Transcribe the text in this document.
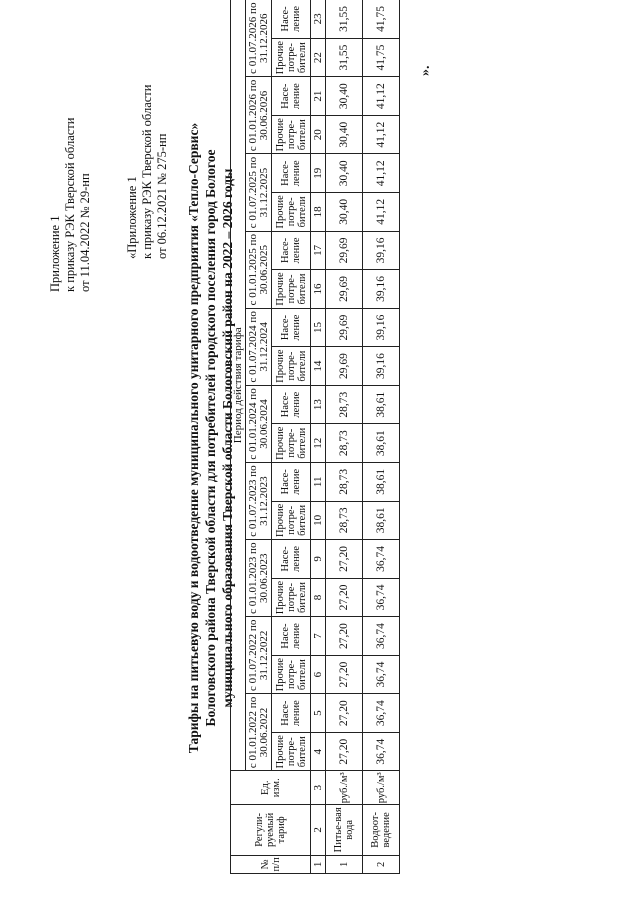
Приложение 1 к приказу РЭК Тверской области от 11.04.2022 № 29-нп	«Приложение 1 к приказу РЭК Тверской области от 06.12.2021 № 275-нп Тарифы на питьевую воду и водоотведение муниципального унитарного предприятия «Тепло-Сервис» Бологовского района Тверской области для потребителей городского поселения город Бологое муниципального образования Тверской области Бологовский район на 2022 – 2026 годы
№ п/п	Регули-руемый тариф	Ед. изм.	Период действия тарифа																			
			с 01.01.2022 по 30.06.2022		с 01.07.2022 по 31.12.2022		с 01.01.2023 по 30.06.2023		с 01.07.2023 по 31.12.2023		с 01.01.2024 по 30.06.2024		с 01.07.2024 по 31.12.2024		с 01.01.2025 по 30.06.2025		с 01.07.2025 по 31.12.2025		с 01.01.2026 по 30.06.2026		с 01.07.2026 по 31.12.2026	
			Прочие потре-бители	Насе-ление	Прочие потре-бители	Насе-ление	Прочие потре-бители	Насе-ление	Прочие потре-бители	Насе-ление	Прочие потре-бители	Насе-ление	Прочие потре-бители	Насе-ление	Прочие потре-бители	Насе-ление	Прочие потре-бители	Насе-ление	Прочие потре-бители	Насе-ление	Прочие потре-бители	Насе-ление
1	2	3	4	5	6	7	8	9	10	11	12	13	14	15	16	17	18	19	20	21	22	23
1	Питье-вая вода	руб./м³	27,20	27,20	27,20	27,20	27,20	27,20	28,73	28,73	28,73	28,73	29,69	29,69	29,69	29,69	30,40	30,40	30,40	30,40	31,55	31,55
2	Водоот-ведение	руб./м³	36,74	36,74	36,74	36,74	36,74	36,74	38,61	38,61	38,61	38,61	39,16	39,16	39,16	39,16	41,12	41,12	41,12	41,12	41,75	41,75
».
